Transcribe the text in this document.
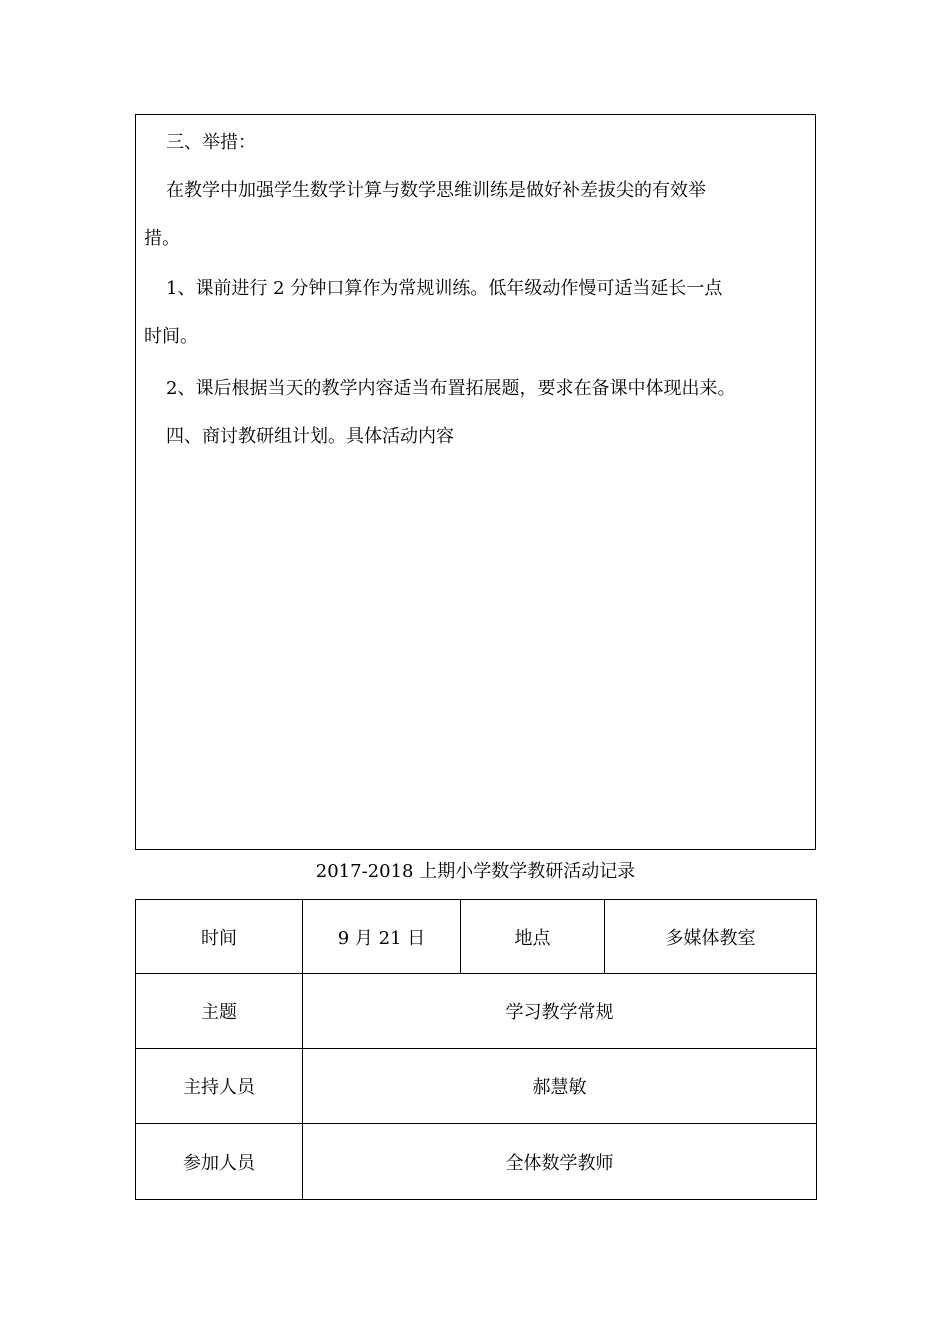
三、举措：
在教学中加强学生数学计算与数学思维训练是做好补差拔尖的有效举
措。
1、课前进行 2 分钟口算作为常规训练。低年级动作慢可适当延长一点
时间。
2、课后根据当天的教学内容适当布置拓展题，要求在备课中体现出来。
四、商讨教研组计划。具体活动内容
2017-2018 上期小学数学教研活动记录
时间	9 月 21 日	地点	多媒体教室
主题	学习教学常规		
主持人员	郝慧敏		
参加人员	全体数学教师		
